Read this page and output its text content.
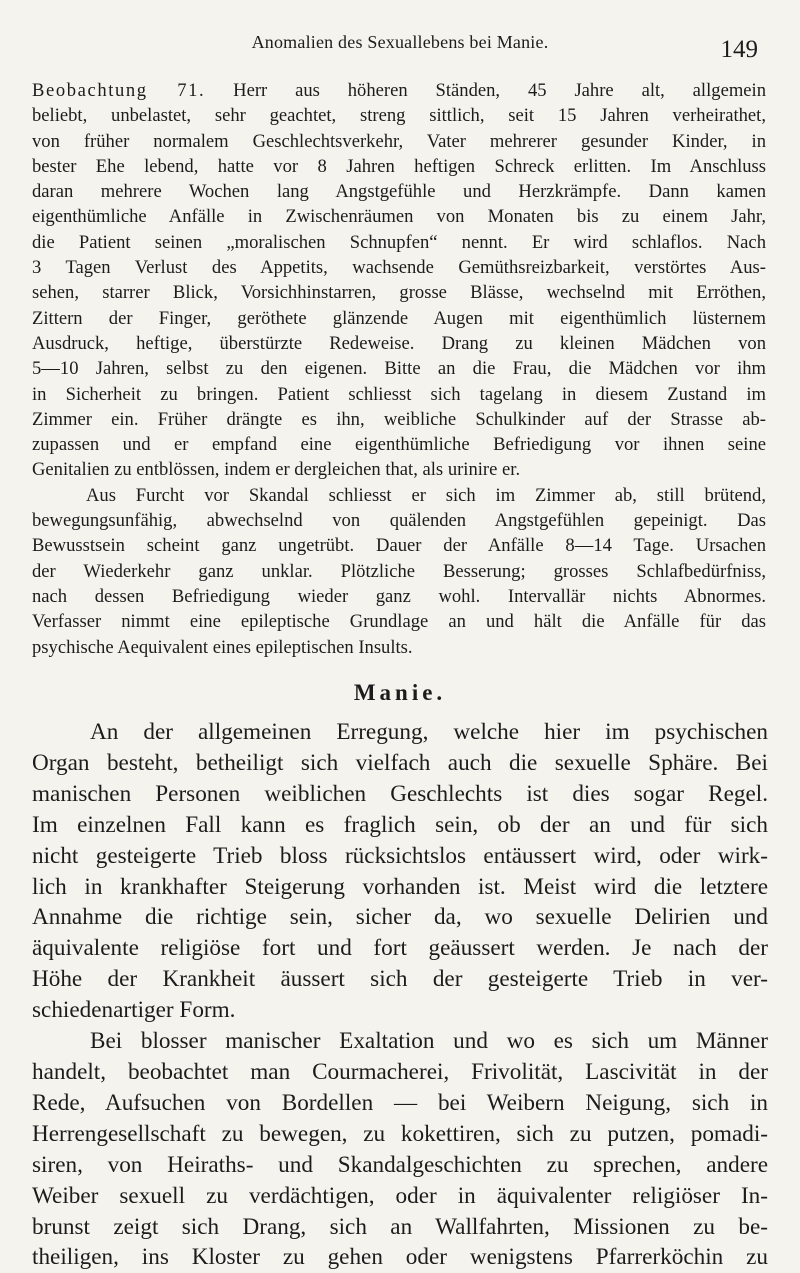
Anomalien des Sexuallebens bei Manie.	149
Beobachtung 71. Herr aus höheren Ständen, 45 Jahre alt, allgemein
beliebt, unbelastet, sehr geachtet, streng sittlich, seit 15 Jahren verheirathet,
von früher normalem Geschlechtsverkehr, Vater mehrerer gesunder Kinder, in
bester Ehe lebend, hatte vor 8 Jahren heftigen Schreck erlitten. Im Anschluss
daran mehrere Wochen lang Angstgefühle und Herzkrämpfe. Dann kamen
eigenthümliche Anfälle in Zwischenräumen von Monaten bis zu einem Jahr,
die Patient seinen „moralischen Schnupfen“ nennt. Er wird schlaflos. Nach
3 Tagen Verlust des Appetits, wachsende Gemüthsreizbarkeit, verstörtes Aus-
sehen, starrer Blick, Vorsichhinstarren, grosse Blässe, wechselnd mit Erröthen,
Zittern der Finger, geröthete glänzende Augen mit eigenthümlich lüsternem
Ausdruck, heftige, überstürzte Redeweise. Drang zu kleinen Mädchen von
5—10 Jahren, selbst zu den eigenen. Bitte an die Frau, die Mädchen vor ihm
in Sicherheit zu bringen. Patient schliesst sich tagelang in diesem Zustand im
Zimmer ein. Früher drängte es ihn, weibliche Schulkinder auf der Strasse ab-
zupassen und er empfand eine eigenthümliche Befriedigung vor ihnen seine
Genitalien zu entblössen, indem er dergleichen that, als urinire er.
Aus Furcht vor Skandal schliesst er sich im Zimmer ab, still brütend,
bewegungsunfähig, abwechselnd von quälenden Angstgefühlen gepeinigt. Das
Bewusstsein scheint ganz ungetrübt. Dauer der Anfälle 8—14 Tage. Ursachen
der Wiederkehr ganz unklar. Plötzliche Besserung; grosses Schlafbedürfniss,
nach dessen Befriedigung wieder ganz wohl. Intervallär nichts Abnormes.
Verfasser nimmt eine epileptische Grundlage an und hält die Anfälle für das
psychische Aequivalent eines epileptischen Insults.
Manie.
An der allgemeinen Erregung, welche hier im psychischen
Organ besteht, betheiligt sich vielfach auch die sexuelle Sphäre. Bei
manischen Personen weiblichen Geschlechts ist dies sogar Regel.
Im einzelnen Fall kann es fraglich sein, ob der an und für sich
nicht gesteigerte Trieb bloss rücksichtslos entäussert wird, oder wirk-
lich in krankhafter Steigerung vorhanden ist. Meist wird die letztere
Annahme die richtige sein, sicher da, wo sexuelle Delirien und
äquivalente religiöse fort und fort geäussert werden. Je nach der
Höhe der Krankheit äussert sich der gesteigerte Trieb in ver-
schiedenartiger Form.
Bei blosser manischer Exaltation und wo es sich um Männer
handelt, beobachtet man Courmacherei, Frivolität, Lascivität in der
Rede, Aufsuchen von Bordellen — bei Weibern Neigung, sich in
Herrengesellschaft zu bewegen, zu kokettiren, sich zu putzen, pomadi-
siren, von Heiraths- und Skandalgeschichten zu sprechen, andere
Weiber sexuell zu verdächtigen, oder in äquivalenter religiöser In-
brunst zeigt sich Drang, sich an Wallfahrten, Missionen zu be-
theiligen, ins Kloster zu gehen oder wenigstens Pfarrerköchin zu
